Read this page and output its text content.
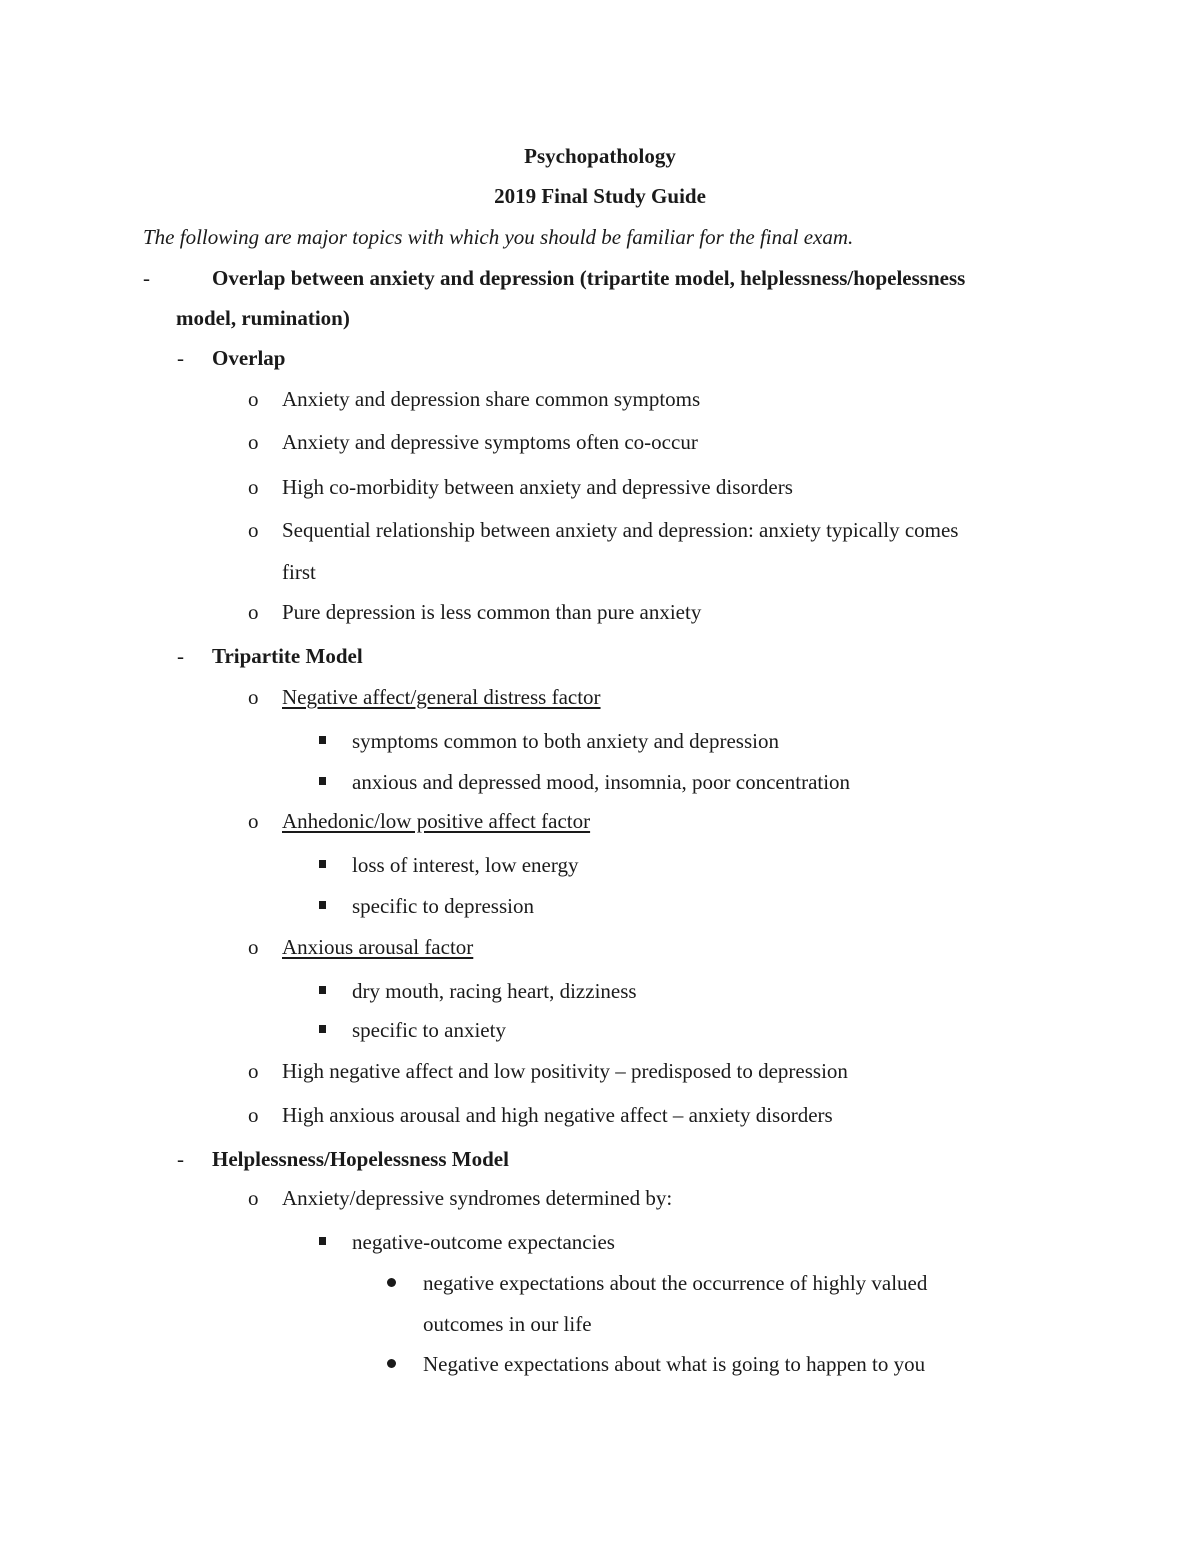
Psychopathology
2019 Final Study Guide
The following are major topics with which you should be familiar for the final exam.
-	Overlap between anxiety and depression (tripartite model, helplessness/hopelessness
model, rumination)
- Overlap
o Anxiety and depression share common symptoms
o Anxiety and depressive symptoms often co-occur
o High co-morbidity between anxiety and depressive disorders
o Sequential relationship between anxiety and depression: anxiety typically comes
first
o Pure depression is less common than pure anxiety
- Tripartite Model
o Negative affect/general distress factor
symptoms common to both anxiety and depression
anxious and depressed mood, insomnia, poor concentration
o Anhedonic/low positive affect factor
loss of interest, low energy
specific to depression
o Anxious arousal factor
dry mouth, racing heart, dizziness
specific to anxiety
o High negative affect and low positivity – predisposed to depression
o High anxious arousal and high negative affect – anxiety disorders
- Helplessness/Hopelessness Model
o Anxiety/depressive syndromes determined by:
negative-outcome expectancies
negative expectations about the occurrence of highly valued
outcomes in our life
Negative expectations about what is going to happen to you
